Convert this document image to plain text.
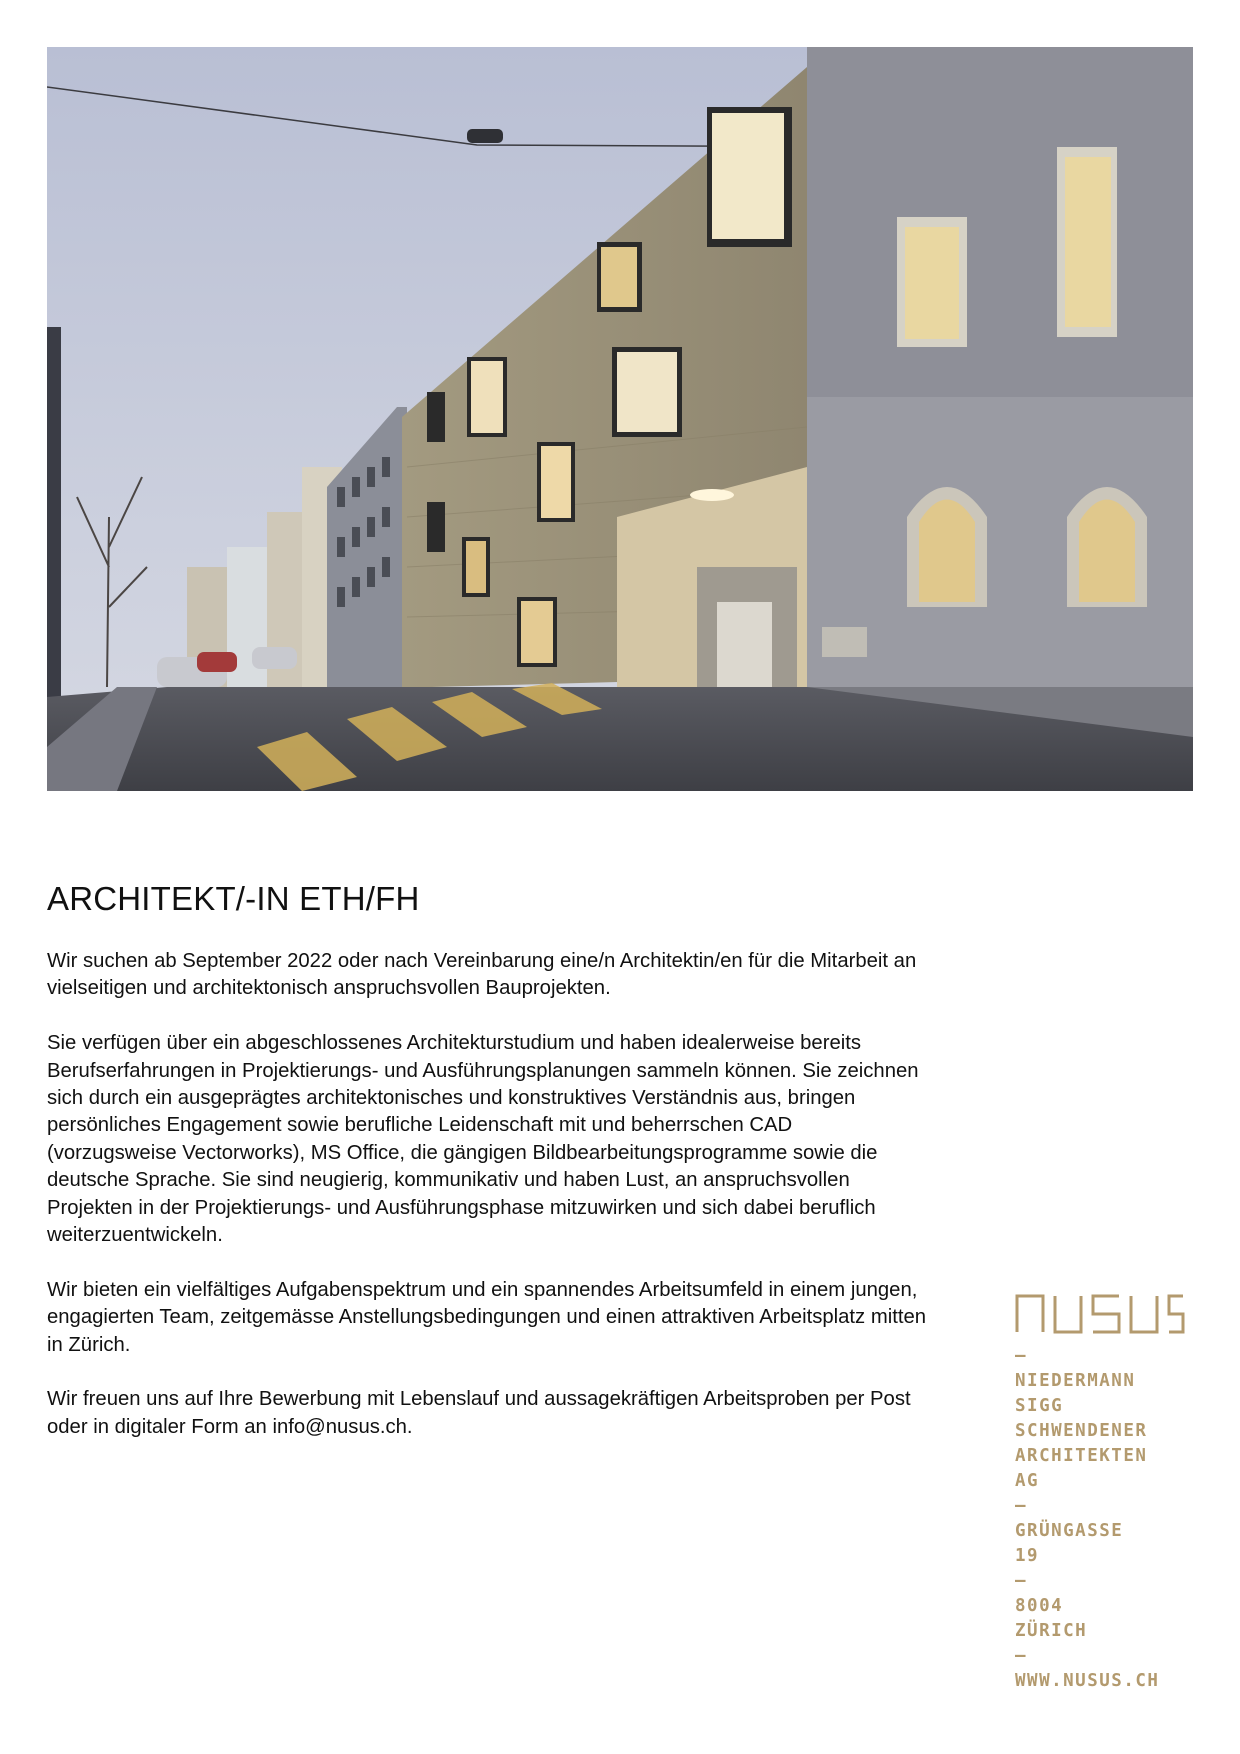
ARCHITEKT/-IN ETH/FH

Wir suchen ab September 2022 oder nach Vereinbarung eine/n Architektin/en für die Mitarbeit an vielseitigen und architektonisch anspruchsvollen Bauprojekten.

Sie verfügen über ein abgeschlossenes Architekturstudium und haben idealerweise bereits Berufserfahrungen in Projektierungs- und Ausführungsplanungen sammeln können. Sie zeichnen sich durch ein ausgeprägtes architektonisches und konstruktives Verständnis aus, bringen persönliches Engagement sowie berufliche Leidenschaft mit und beherrschen CAD (vorzugsweise Vectorworks), MS Office, die gängigen Bildbearbeitungsprogramme sowie die deutsche Sprache. Sie sind neugierig, kommunikativ und haben Lust, an anspruchsvollen Projekten in der Projektierungs- und Ausführungsphase mitzuwirken und sich dabei beruflich weiterzuentwickeln.

Wir bieten ein vielfältiges Aufgabenspektrum und ein spannendes Arbeitsumfeld in einem jungen, engagierten Team, zeitgemässe Anstellungsbedingungen und einen attraktiven Arbeitsplatz mitten in Zürich.

Wir freuen uns auf Ihre Bewerbung mit Lebenslauf und aussagekräftigen Arbeitsproben per Post oder in digitaler Form an info@nusus.ch.

—
NIEDERMANN
SIGG
SCHWENDENER
ARCHITEKTEN
AG
—
GRÜNGASSE
19
—
8004
ZÜRICH
—
WWW.NUSUS.CH
